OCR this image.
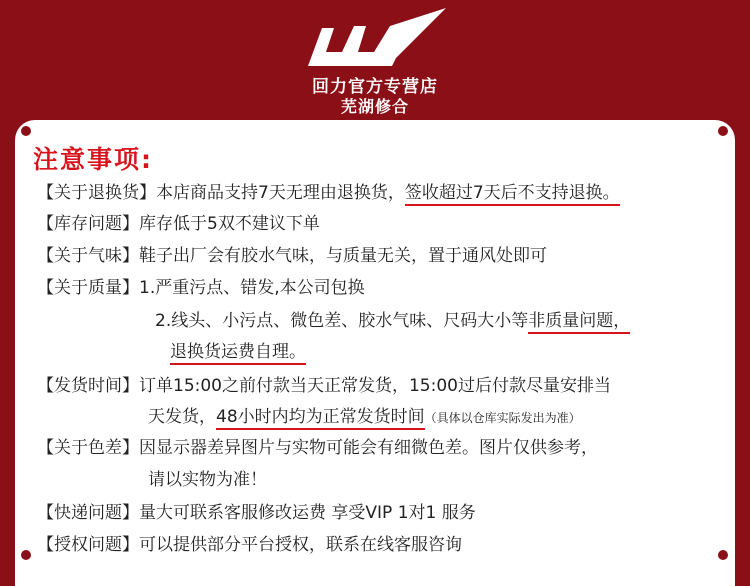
回力官方专营店
芜湖修合
注意事项:
【关于退换货】本店商品支持7天无理由退换货，签收超过7天后不支持退换。
【库存问题】库存低于5双不建议下单
【关于气味】鞋子出厂会有胶水气味，与质量无关，置于通风处即可
【关于质量】1.严重污点、错发,本公司包换
2.线头、小污点、微色差、胶水气味、尺码大小等非质量问题，
退换货运费自理。
【发货时间】订单15:00之前付款当天正常发货，15:00过后付款尽量安排当
天发货，48小时内均为正常发货时间（具体以仓库实际发出为准）
【关于色差】因显示器差异图片与实物可能会有细微色差。图片仅供参考，
请以实物为准！
【快递问题】量大可联系客服修改运费 享受VIP 1对1 服务
【授权问题】可以提供部分平台授权，联系在线客服咨询
